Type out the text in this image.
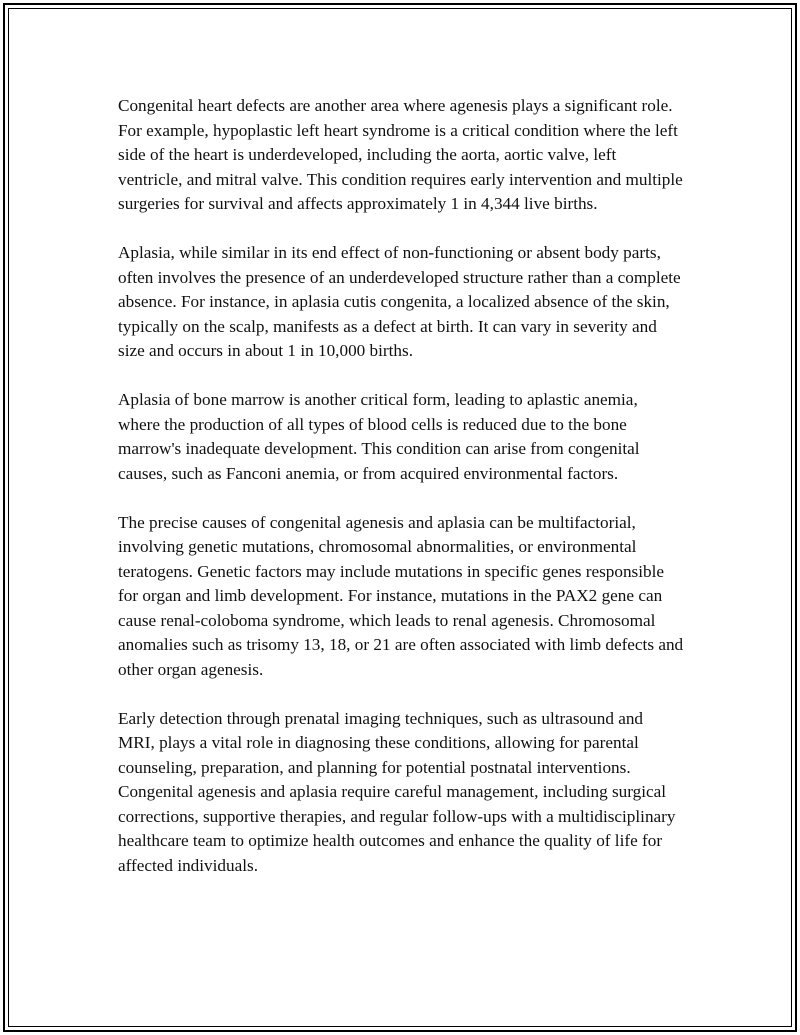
Congenital heart defects are another area where agenesis plays a significant role. For example, hypoplastic left heart syndrome is a critical condition where the left side of the heart is underdeveloped, including the aorta, aortic valve, left ventricle, and mitral valve. This condition requires early intervention and multiple surgeries for survival and affects approximately 1 in 4,344 live births.

Aplasia, while similar in its end effect of non-functioning or absent body parts, often involves the presence of an underdeveloped structure rather than a complete absence. For instance, in aplasia cutis congenita, a localized absence of the skin, typically on the scalp, manifests as a defect at birth. It can vary in severity and size and occurs in about 1 in 10,000 births.

Aplasia of bone marrow is another critical form, leading to aplastic anemia, where the production of all types of blood cells is reduced due to the bone marrow's inadequate development. This condition can arise from congenital causes, such as Fanconi anemia, or from acquired environmental factors.

The precise causes of congenital agenesis and aplasia can be multifactorial, involving genetic mutations, chromosomal abnormalities, or environmental teratogens. Genetic factors may include mutations in specific genes responsible for organ and limb development. For instance, mutations in the PAX2 gene can cause renal-coloboma syndrome, which leads to renal agenesis. Chromosomal anomalies such as trisomy 13, 18, or 21 are often associated with limb defects and other organ agenesis.

Early detection through prenatal imaging techniques, such as ultrasound and MRI, plays a vital role in diagnosing these conditions, allowing for parental counseling, preparation, and planning for potential postnatal interventions. Congenital agenesis and aplasia require careful management, including surgical corrections, supportive therapies, and regular follow-ups with a multidisciplinary healthcare team to optimize health outcomes and enhance the quality of life for affected individuals.
